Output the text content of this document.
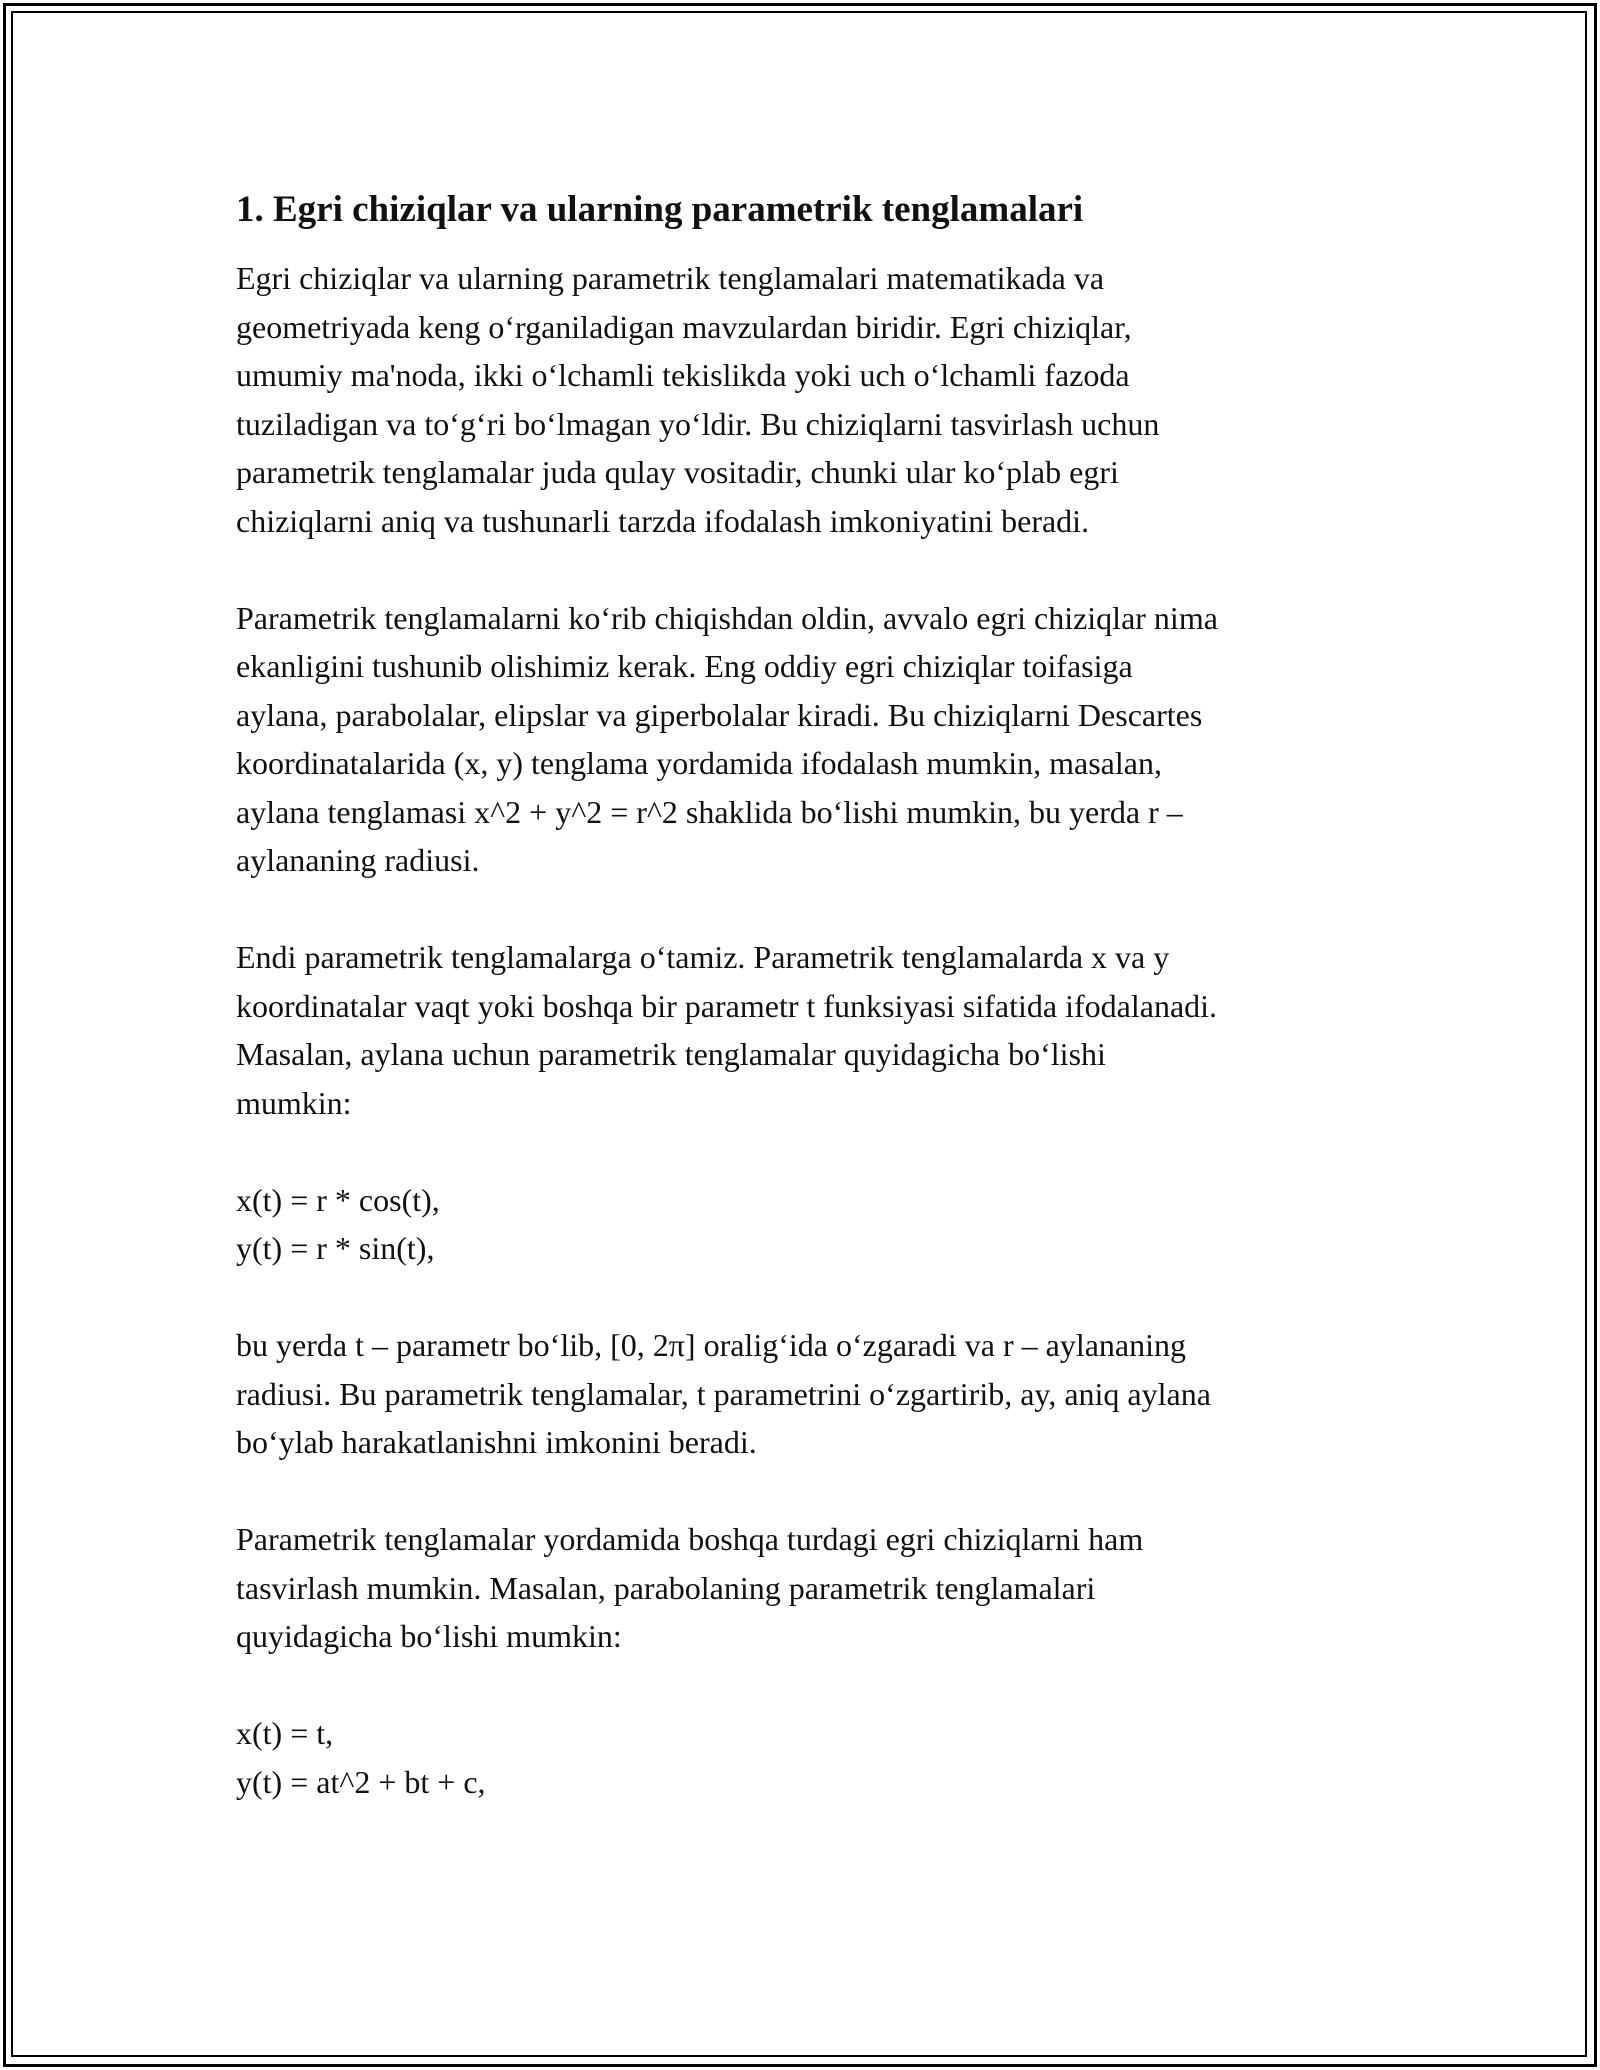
1. Egri chiziqlar va ularning parametrik tenglamalari
Egri chiziqlar va ularning parametrik tenglamalari matematikada va
geometriyada keng o‘rganiladigan mavzulardan biridir. Egri chiziqlar,
umumiy ma'noda, ikki o‘lchamli tekislikda yoki uch o‘lchamli fazoda
tuziladigan va to‘g‘ri bo‘lmagan yo‘ldir. Bu chiziqlarni tasvirlash uchun
parametrik tenglamalar juda qulay vositadir, chunki ular ko‘plab egri
chiziqlarni aniq va tushunarli tarzda ifodalash imkoniyatini beradi.
Parametrik tenglamalarni ko‘rib chiqishdan oldin, avvalo egri chiziqlar nima
ekanligini tushunib olishimiz kerak. Eng oddiy egri chiziqlar toifasiga
aylana, parabolalar, elipslar va giperbolalar kiradi. Bu chiziqlarni Descartes
koordinatalarida (x, y) tenglama yordamida ifodalash mumkin, masalan,
aylana tenglamasi x^2 + y^2 = r^2 shaklida bo‘lishi mumkin, bu yerda r –
aylananing radiusi.
Endi parametrik tenglamalarga o‘tamiz. Parametrik tenglamalarda x va y
koordinatalar vaqt yoki boshqa bir parametr t funksiyasi sifatida ifodalanadi.
Masalan, aylana uchun parametrik tenglamalar quyidagicha bo‘lishi
mumkin:
x(t) = r * cos(t),
y(t) = r * sin(t),
bu yerda t – parametr bo‘lib, [0, 2π] oralig‘ida o‘zgaradi va r – aylananing
radiusi. Bu parametrik tenglamalar, t parametrini o‘zgartirib, ay, aniq aylana
bo‘ylab harakatlanishni imkonini beradi.
Parametrik tenglamalar yordamida boshqa turdagi egri chiziqlarni ham
tasvirlash mumkin. Masalan, parabolaning parametrik tenglamalari
quyidagicha bo‘lishi mumkin:
x(t) = t,
y(t) = at^2 + bt + c,
